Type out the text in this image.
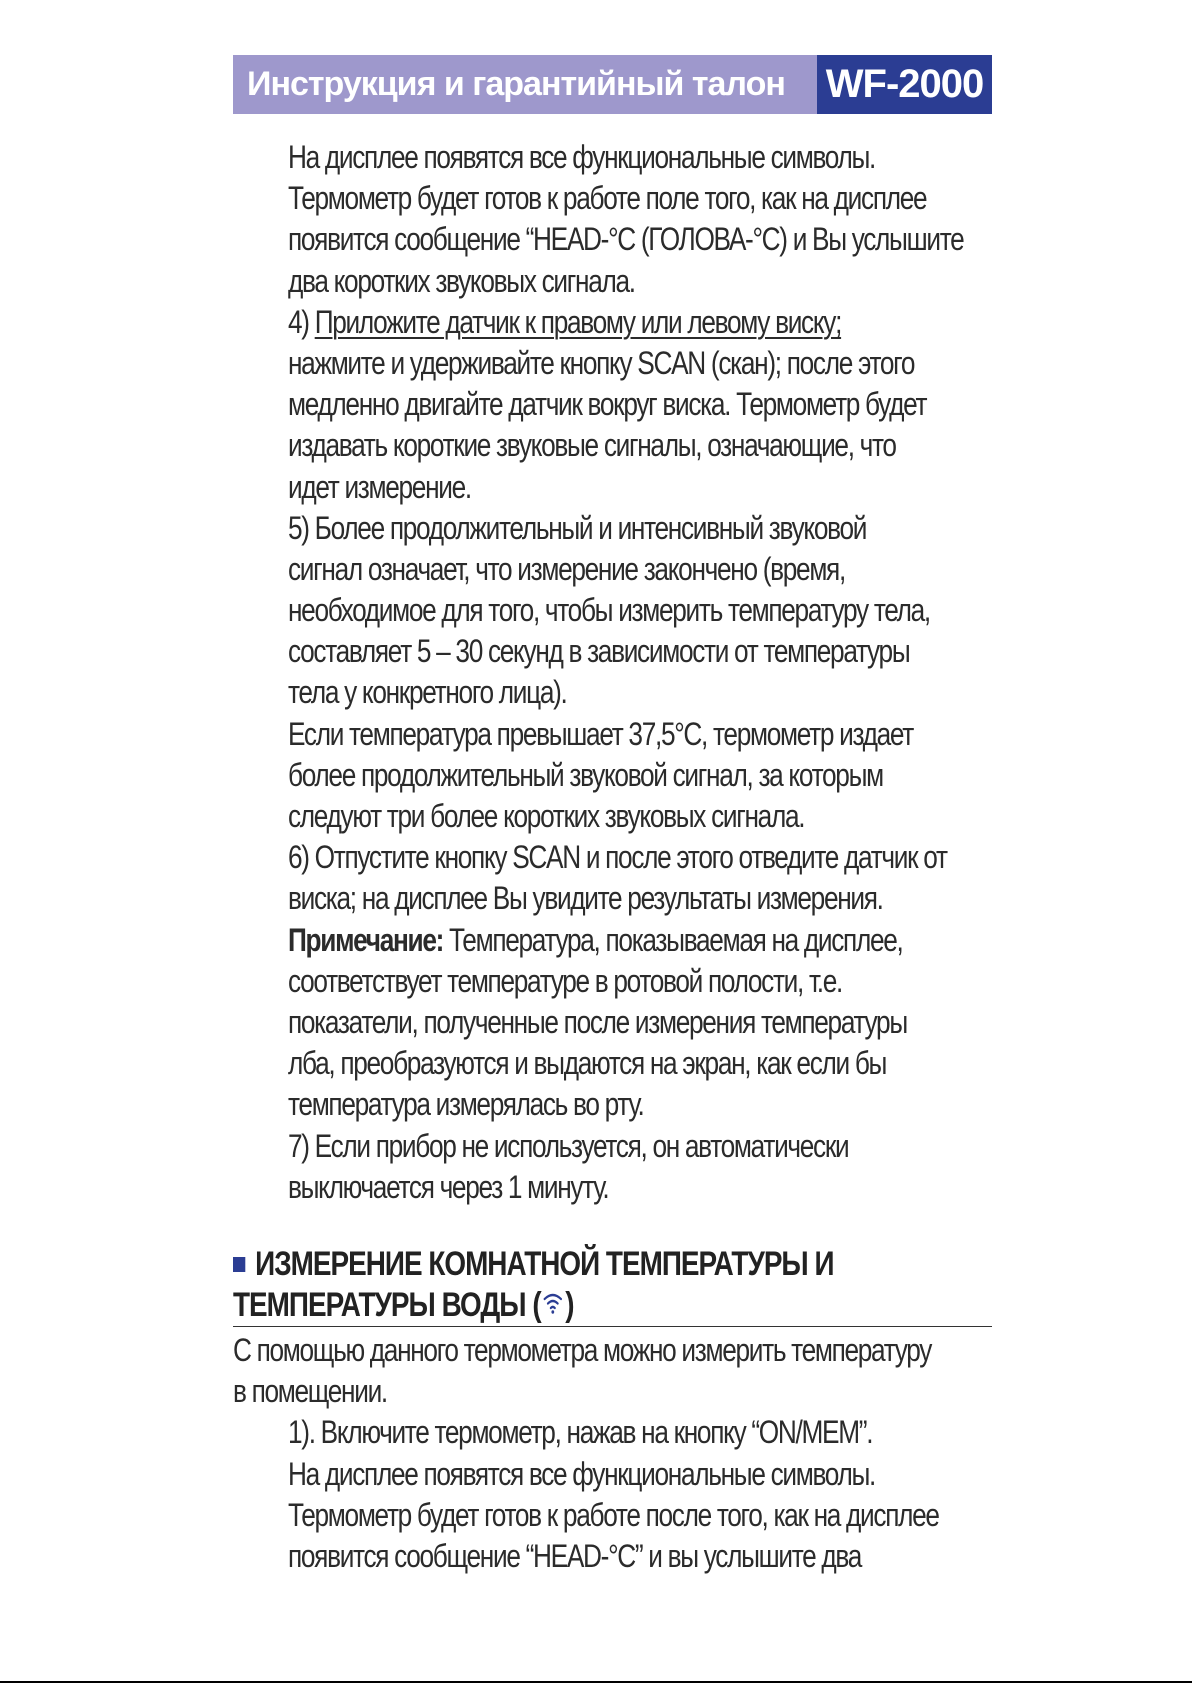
Инструкция и гарантийный талон	WF-2000
На дисплее появятся все функциональные символы.
Термометр будет готов к работе поле того, как на дисплее
появится сообщение “HEAD-°C (ГОЛОВА-°C) и Вы услышите
два коротких звуковых сигнала.
4) Приложите датчик к правому или левому виску;
нажмите и удерживайте кнопку SCAN (скан); после этого
медленно двигайте датчик вокруг виска. Термометр будет
издавать короткие звуковые сигналы, означающие, что
идет измерение.
5) Более продолжительный и интенсивный звуковой
сигнал означает, что измерение закончено (время,
необходимое для того, чтобы измерить температуру тела,
составляет 5 – 30 секунд в зависимости от температуры
тела у конкретного лица).
Если температура превышает 37,5°C, термометр издает
более продолжительный звуковой сигнал, за которым
следуют три более коротких звуковых сигнала.
6) Отпустите кнопку SCAN и после этого отведите датчик от
виска; на дисплее Вы увидите результаты измерения.
Примечание: Температура, показываемая на дисплее,
соответствует температуре в ротовой полости, т.е.
показатели, полученные после измерения температуры
лба, преобразуются и выдаются на экран, как если бы
температура измерялась во рту.
7) Если прибор не используется, он автоматически
выключается через 1 минуту.
ИЗМЕРЕНИЕ КОМНАТНОЙ ТЕМПЕРАТУРЫ И
ТЕМПЕРАТУРЫ ВОДЫ ( )
С помощью данного термометра можно измерить температуру
в помещении.
1). Включите термометр, нажав на кнопку “ON/MEM”.
На дисплее появятся все функциональные символы.
Термометр будет готов к работе после того, как на дисплее
появится сообщение “HEAD-°C” и вы услышите два
